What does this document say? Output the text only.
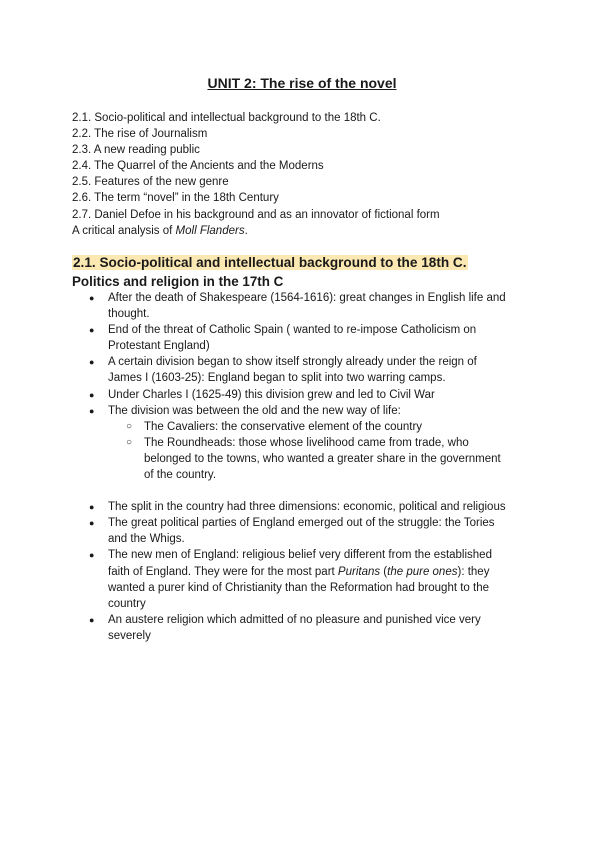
UNIT 2: The rise of the novel
2.1. Socio-political and intellectual background to the 18th C.
2.2. The rise of Journalism
2.3. A new reading public
2.4. The Quarrel of the Ancients and the Moderns
2.5. Features of the new genre
2.6. The term “novel” in the 18th Century
2.7. Daniel Defoe in his background and as an innovator of fictional form
A critical analysis of Moll Flanders.
2.1. Socio-political and intellectual background to the 18th C.
Politics and religion in the 17th C
● After the death of Shakespeare (1564-1616): great changes in English life and
thought.
● End of the threat of Catholic Spain ( wanted to re-impose Catholicism on
Protestant England)
● A certain division began to show itself strongly already under the reign of
James I (1603-25): England began to split into two warring camps.
● Under Charles I (1625-49) this division grew and led to Civil War
● The division was between the old and the new way of life:
○ The Cavaliers: the conservative element of the country
○ The Roundheads: those whose livelihood came from trade, who
belonged to the towns, who wanted a greater share in the government
of the country.
● The split in the country had three dimensions: economic, political and religious
● The great political parties of England emerged out of the struggle: the Tories
and the Whigs.
● The new men of England: religious belief very different from the established
faith of England. They were for the most part Puritans (the pure ones): they
wanted a purer kind of Christianity than the Reformation had brought to the
country
● An austere religion which admitted of no pleasure and punished vice very
severely
